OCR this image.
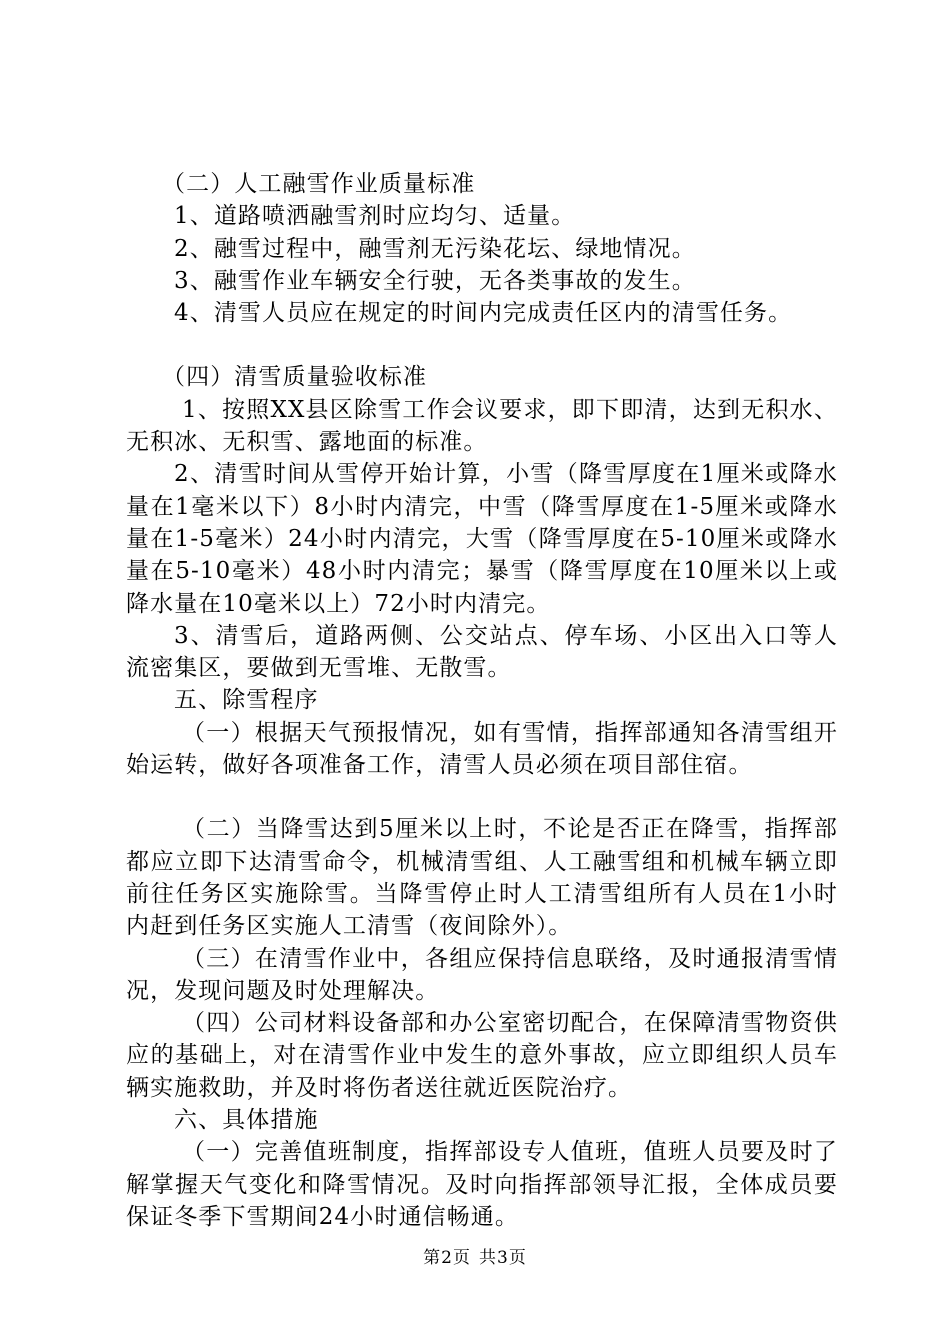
（二）人工融雪作业质量标准

1、道路喷洒融雪剂时应均匀、适量。

2、融雪过程中，融雪剂无污染花坛、绿地情况。

3、融雪作业车辆安全行驶，无各类事故的发生。

4、清雪人员应在规定的时间内完成责任区内的清雪任务。

（四）清雪质量验收标准

1、按照XX县区除雪工作会议要求，即下即清，达到无积水、无积冰、无积雪、露地面的标准。

2、清雪时间从雪停开始计算，小雪（降雪厚度在1厘米或降水量在1毫米以下）8小时内清完，中雪（降雪厚度在1-5厘米或降水量在1-5毫米）24小时内清完，大雪（降雪厚度在5-10厘米或降水量在5-10毫米）48小时内清完；暴雪（降雪厚度在10厘米以上或降水量在10毫米以上）72小时内清完。

3、清雪后，道路两侧、公交站点、停车场、小区出入口等人流密集区，要做到无雪堆、无散雪。

五、除雪程序

（一）根据天气预报情况，如有雪情，指挥部通知各清雪组开始运转，做好各项准备工作，清雪人员必须在项目部住宿。

（二）当降雪达到5厘米以上时，不论是否正在降雪，指挥部都应立即下达清雪命令，机械清雪组、人工融雪组和机械车辆立即前往任务区实施除雪。当降雪停止时人工清雪组所有人员在1小时内赶到任务区实施人工清雪（夜间除外）。

（三）在清雪作业中，各组应保持信息联络，及时通报清雪情况，发现问题及时处理解决。

（四）公司材料设备部和办公室密切配合，在保障清雪物资供应的基础上，对在清雪作业中发生的意外事故，应立即组织人员车辆实施救助，并及时将伤者送往就近医院治疗。

六、具体措施

（一）完善值班制度，指挥部设专人值班，值班人员要及时了解掌握天气变化和降雪情况。及时向指挥部领导汇报，全体成员要保证冬季下雪期间24小时通信畅通。

第2页 共3页
